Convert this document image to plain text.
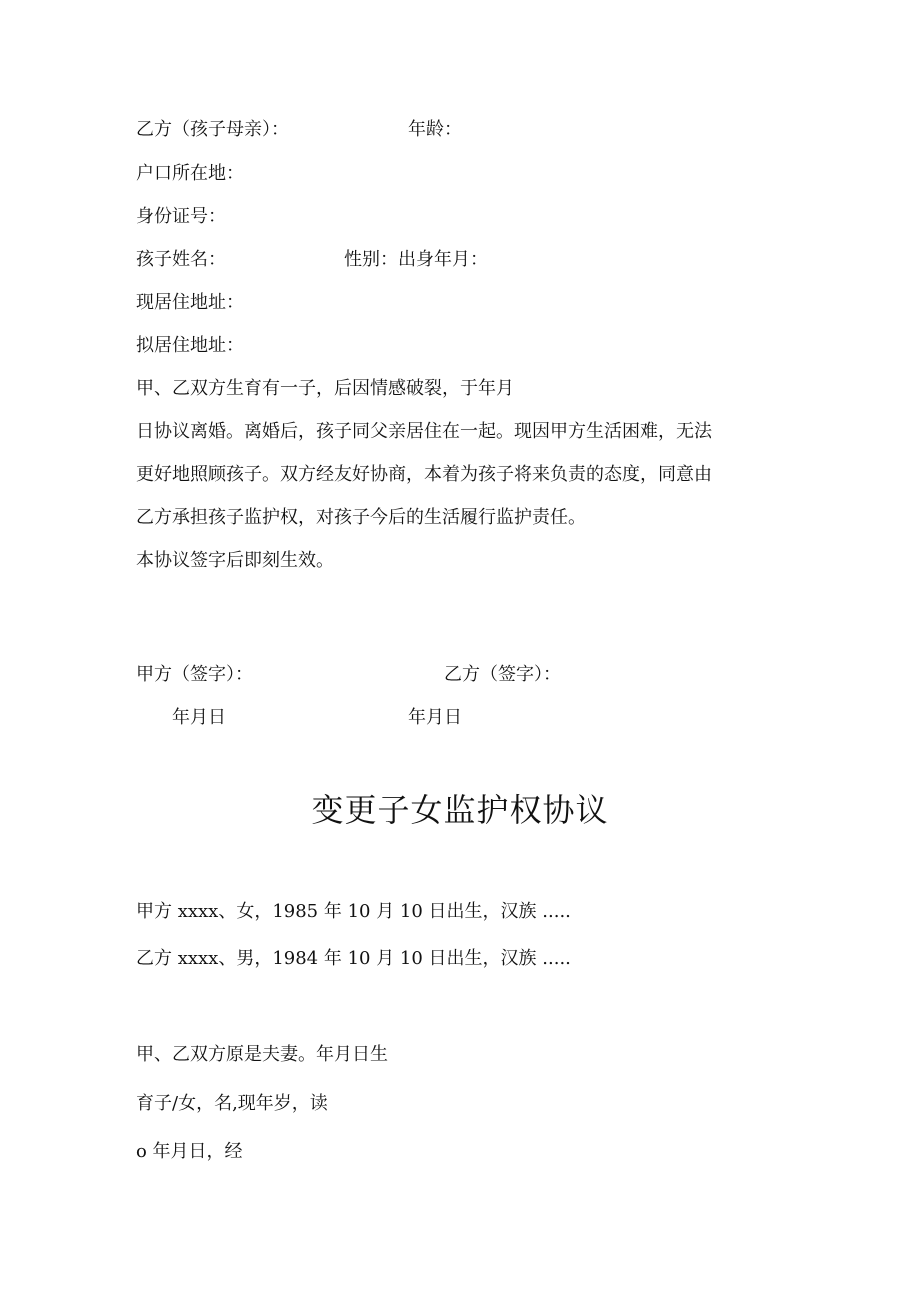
乙方（孩子母亲）：	年龄：
户口所在地：
身份证号：
孩子姓名：	性别：出身年月：
现居住地址：
拟居住地址：
甲、乙双方生育有一子，后因情感破裂，于年月
日协议离婚。离婚后，孩子同父亲居住在一起。现因甲方生活困难，无法
更好地照顾孩子。双方经友好协商，本着为孩子将来负责的态度，同意由
乙方承担孩子监护权，对孩子今后的生活履行监护责任。
本协议签字后即刻生效。
甲方（签字）：	乙方（签字）：
年月日	年月日
变更子女监护权协议
甲方 xxxx、女，1985 年 10 月 10 日出生，汉族 .....
乙方 xxxx、男，1984 年 10 月 10 日出生，汉族 .....
甲、乙双方原是夫妻。年月日生
育子/女，名,现年岁，读
o 年月日，经
